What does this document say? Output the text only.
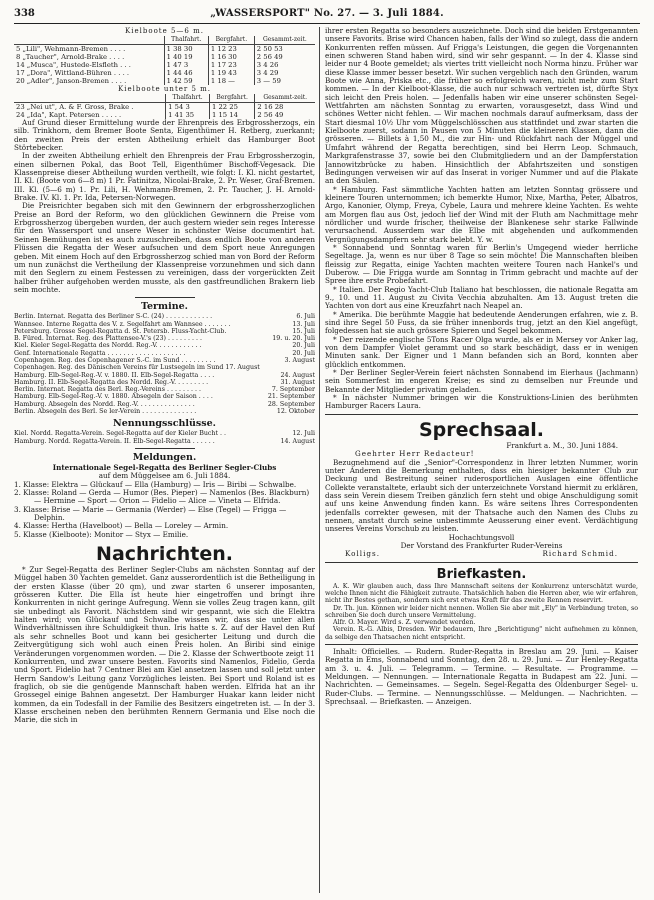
338	„WASSERSPORT" No. 27. — 3. Juli 1884.
Kielboote 5—6 m.
	Thalfahrt.	Bergfahrt.	Gesammt-zeit.
5 „Lili", Wehmann-Bremen . . . .	1 38 30	1 12 23	2 50 53
8 „Taucher", Arnold-Brake . . . .	1 40 19	1 16 30	2 56 49
14 „Musca", Hustede-Elsfleth . . .	1 47 3	1 17 23	3 4 26
17 „Dora", Wittland-Bühren . . . .	1 44 46	1 19 43	3 4 29
20 „Adler", Janson-Bremen . . . .	1 42 59	1 18 —	3 — 59
Kielboote unter 5 m.
	Thalfahrt.	Bergfahrt.	Gesammt-zeit.
23 „Nei ut", A. & F. Gross, Brake .	1 54 3	1 22 25	2 16 28
24 „Ida", Kapt. Petersen . . . . .	1 41 35	1 15 14	2 56 49

Auf Grund dieser Ermittelung wurde der Ehrenpreis des Erbgrossherzogs, ein silb. Trinkhorn, dem Bremer Boote Senta, Eigenthümer H. Retberg, zuerkannt; den zweiten Preis der ersten Abtheilung erhielt das Hamburger Boot Störtebecker.

In der zweiten Abtheilung erhielt den Ehrenpreis der Frau Erbgrossherzogin, einen silbernen Pokal, das Boot Tell, Eigenthümer Bischoff-Vegesack. Die Klassenpreise dieser Abtheilung wurden vertheilt, wie folgt: I. Kl. nicht gestartet, II. Kl. (Boote von 6—8 m) 1 Pr. Fatinitza, Nicolai-Brake, 2. Pr. Weser, Graf-Bremen. III. Kl. (5—6 m) 1. Pr. Lili, H. Wehmann-Bremen, 2. Pr. Taucher, J. H. Arnold-Brake. IV. Kl. 1. Pr. Ida, Petersen-Norwegen.

Die Preisrichter begaben sich mit den Gewinnern der erbgrossherzoglichen Preise an Bord der Reform, wo den glücklichen Gewinnern die Preise vom Erbgrossherzog übergeben wurden, der auch gestern wieder sein reges Interesse für den Wassersport und unsere Weser in schönster Weise documentirt hat. Seinen Bemühungen ist es auch zuzuschreiben, dass endlich Boote von anderen Flüssen die Regatta der Weser aufsuchen und dem Sport neue Anregungen geben. Mit einem Hoch auf den Erbgrossherzog schied man von Bord der Reform um nun zunächst die Vertheilung der Klassenpreise vorzunehmen und sich dann mit den Seglern zu einem Festessen zu vereinigen, dass der vorgerückten Zeit halber früher aufgehoben werden musste, als den gastfreundlichen Brakern lieb sein mochte.

Termine.
Berlin. Internat. Regatta des Berliner S-C. (24) . . . . . . . . . . . .	6. Juli
Wannsee. Interne Regatta des V. z. Segelfahrt am Wannsee . . . . . . .	13. Juli
Petersburg. Grosse Segel-Regatta d. St. Petersb. Fluss-Yacht-Club.	15. Juli
B. Füred. Internat. Reg. des Plattensee-V.'s (23) . . . . . . . . .	19. u. 20. Juli
Kiel. Kieler Segel-Regatta des Nordd. Reg.-V. . . . . . . . . . . .	20. Juli
Genf. Internationale Regatta . . . . . . . . . . . . . . . . . . . .	20. Juli
Copenhagen. Reg. des Copenhagener S.-C. im Sund . . . . . . . . .	3. August
Copenhagen. Reg. des Dänischen Vereins für Lustsegeln im Sund 17. August
Hamburg. Elb-Segel-Reg.-V. v. 1880. II. Elb-Segel-Regatta . . . .	24. August
Hamburg. II. Elb-Segel-Regatta des Nordd. Reg.-V. . . . . . . . .	31. August
Berlin. Internat. Regatta des Berl. Reg.-Vereins . . . . . . . . .	7. September
Hamburg. Elb-Segel-Reg.-V. v. 1880. Absegeln der Saison . . . .	21. September
Hamburg. Absegeln des Nordd. Reg.-V. . . . . . . . . . . . . . .	28. September
Berlin. Absegeln des Berl. Se ler-Verein . . . . . . . . . . . . . .	12. Oktober
Nennungsschlüsse.
Kiel. Nordd. Regatta-Verein. Segel-Regatta auf der Kieler Bucht . .	12. Juli
Hamburg. Nordd. Regatta-Verein. II. Elb-Segel-Regatta . . . . . .	14. August
Meldungen.
Internationale Segel-Regatta des Berliner Segler-Clubs
auf dem Müggelsee am 6. Juli 1884.
1. Klasse: Elektra — Glückauf — Ella (Hamburg) — Iris — Biribi — Schwalbe.
2. Klasse: Roland — Gerda — Humor (Bes. Pieper) — Namenlos (Bes. Blackburn) — Hermine — Sport — Orion — Fidelio — Alice — Vineta — Elfrida.
3. Klasse: Brise — Marie — Germania (Werder) — Else (Tegel) — Frigga — Delphin.
4. Klasse: Hertha (Havelboot) — Bella — Loreley — Armin.
5. Klasse (Kielboote): Monitor — Styx — Emilie.
Nachrichten.

* Zur Segel-Regatta des Berliner Segler-Clubs am nächsten Sonntag auf der Müggel haben 30 Yachten gemeldet. Ganz ausserordentlich ist die Betheiligung in der ersten Klasse (über 20 qm), und zwar starten 6 unserer imposanten, grösseren Kutter. Die Ella ist heute hier eingetroffen und bringt ihre Konkurrenten in nicht geringe Aufregung. Wenn sie volles Zeug tragen kann, gilt sie unbedingt als Favorit. Nächstdem sind wir gespannt, wie sich die Elektra halten wird; von Glückauf und Schwalbe wissen wir, dass sie unter allen Windverhältnissen ihre Schuldigkeit thun. Iris hatte s. Z. auf der Havel den Ruf als sehr schnelles Boot und kann bei gesicherter Leitung und durch die Zeitvergütigung sich wohl auch einen Preis holen. An Biribi sind einige Veränderungen vorgenommen worden. — Die 2. Klasse der Schwertboote zeigt 11 Konkurrenten, und zwar unsere besten. Favorits sind Namenlos, Fidelio, Gerda und Sport. Fidelio hat 7 Centner Blei am Kiel ansetzen lassen und soll jetzt unter Herrn Sandow's Leitung ganz Vorzügliches leisten. Bei Sport und Roland ist es fraglich, ob sie die genügende Mannschaft haben werden. Elfrida hat an ihr Grossegel einige Bahnen angesetzt. Der Hamburger Huakar kann leider nicht kommen, da ein Todesfall in der Familie des Besitzers eingetreten ist. — In der 3. Klasse erscheinen neben den berühmten Rennern Germania und Else noch die Marie, die sich in

ihrer ersten Regatta so besonders auszeichnete. Doch sind die beiden Erstgenannten unsere Favorits. Brise wird Chancen haben, falls der Wind so zulegt, dass die andern Konkurrenten reffen müssen. Auf Frigga's Leistungen, die gegen die Vorgenannten einen schweren Stand haben wird, sind wir sehr gespannt. — In der 4. Klasse sind leider nur 4 Boote gemeldet; als viertes tritt vielleicht noch Norma hinzu. Früher war diese Klasse immer besser besetzt. Wir suchen vergeblich nach den Gründen, warum Boote wie Anna, Priska etc., die früher so erfolgreich waren, nicht mehr zum Start kommen. — In der Kielboot-Klasse, die auch nur schwach vertreten ist, dürfte Styx sich leicht den Preis holen. — Jedenfalls haben wir eine unserer schönsten Segel-Wettfahrten am nächsten Sonntag zu erwarten, vorausgesetzt, dass Wind und schönes Wetter nicht fehlen. — Wir machen nochmals darauf aufmerksam, dass der Start diesmal 10½ Uhr vom Müggelschlösschen aus stattfindet und zwar starten die Kielboote zuerst, sodann in Pausen von 5 Minuten die kleineren Klassen, dann die grösseren. — Billets à 1,50 M., die zur Hin- und Rückfahrt nach der Müggel und Umfahrt während der Regatta berechtigen, sind bei Herrn Leop. Schmauch, Markgrafenstrasse 37, sowie bei den Clubmitgliedern und an der Dampferstation Jannowitzbrücke zu haben. Hinsichtlich der Abfahrtszeiten und sonstigen Bedingungen verweisen wir auf das Inserat in voriger Nummer und auf die Plakate an den Säulen.

* Hamburg. Fast sämmtliche Yachten hatten am letzten Sonntag grössere und kleinere Touren unternommen; ich bemerkte Humor, Nixe, Martha, Peter, Albatros, Argo, Kanonier, Olymp, Freya, Cybele, Laura und mehrere kleine Yachten. Es wehte am Morgen flau aus Ost, jedoch lief der Wind mit der Fluth am Nachmittage mehr nördlicher und wurde frischer, theilweise der Blankenese sehr starke Fallwinde verursachend. Ausserdem war die Elbe mit abgehenden und aufkommenden Vergnügungsdampfern sehr stark belebt. Y. w.

* Sonnabend und Sonntag waren für Berlin's Umgegend wieder herrliche Segeltage. Ja, wenn es nur über 8 Tage so sein möchte! Die Mannschaften bleiben fleissig zur Regatta, einige Yachten machten weitere Touren nach Hankel's und Duberow. — Die Frigga wurde am Sonntag in Trimm gebracht und machte auf der Spree ihre erste Probefahrt.

* Italien. Der Regio Yacht-Club Italiano hat beschlossen, die nationale Regatta am 9., 10. und 11. August zu Civita Vecchia abzuhalten. Am 13. August treten die Yachten von dort aus eine Kreuzfahrt nach Neapel an.

* Amerika. Die berühmte Maggie hat bedeutende Aenderungen erfahren, wie z. B. sind ihre Segel 50 Fuss, da sie früher innenbords trug, jetzt an den Kiel angefügt, folgedessen hat sie auch grössere Spieren und Segel bekommen.

* Der reizende englische 5Tons Racer Olga wurde, als er in Mersey vor Anker lag, von dem Dampfer Violet gerammt und so stark beschädigt, dass er in wenigen Minuten sank. Der Eigner und 1 Mann befanden sich an Bord, konnten aber glücklich entkommen.

* Der Berliner Segler-Verein feiert nächsten Sonnabend im Eierhaus (Jachmann) sein Sommerfest im engeren Kreise; es sind zu demselben nur Freunde und Bekannte der Mitglieder privatim geladen.

* In nächster Nummer bringen wir die Konstruktions-Linien des berühmten Hamburger Racers Laura.

Sprechsaal.
Frankfurt a. M., 30. Juni 1884.
Geehrter Herr Redacteur!

Bezugnehmend auf die „Senior"-Correspondenz in Ihrer letzten Nummer, worin unter Anderen die Bemerkung enthalten, dass ein hiesiger bekannter Club zur Deckung und Bestreitung seiner ruderosportlichen Auslagen eine öffentliche Collekte veranstaltete, erlaubt sich der unterzeichnete Vorstand hiermit zu erklären, dass sein Verein diesem Treiben gänzlich fern steht und obige Anschuldigung somit auf uns keine Anwendung finden kann. Es wäre seitens Ihres Correspondenten jedenfalls correkter gewesen, mit der Thatsache auch den Namen des Clubs zu nennen, anstatt durch seine unbestimmte Aeusserung einer event. Verdächtigung unseres Vereins Vorschub zu leisten.

Hochachtungsvoll
Der Vorstand des Frankfurter Ruder-Vereins
Kolligs.	Richard Schmid.
Briefkasten.

A. K. Wir glauben auch, dass Ihre Mannschaft seitens der Konkurrenz unterschätzt wurde, welche Ihnen nicht die Fähigkeit zutraute. Thatsächlich haben die Herren aber, wie wir erfahren, nicht ihr Bestes gethan, sondern sich erst etwas Kraft für das zweite Rennen reservirt.

Dr. Th. jun. Können wir leider nicht nennen. Wollen Sie aber mit „Ely" in Verbindung treten, so schreiben Sie doch durch unsere Vermittelung.

Alfr. O. Mayer. Wird s. Z. verwendet werden.

Verein. R.-G. Albis, Dresden. Wir bedauern, Ihre „Berichtigung" nicht aufnehmen zu können, da selbige den Thatsachen nicht entspricht.

Inhalt: Officielles. — Rudern. Ruder-Regatta in Breslau am 29. Juni. — Kaiser Regatta in Ems, Sonnabend und Sonntag, den 28. u. 29. Juni. — Zur Henley-Regatta am 3. u. 4. Juli. — Telegramm. — Termine. — Resultate. — Programme. — Meldungen. — Nennungen. — Internationale Regatta in Budapest am 22. Juni. — Nachrichten. — Gemeinsames. — Segeln. Segel-Regatta des Oldenburger Segel- u. Ruder-Clubs. — Termine. — Nennungsschlüsse. — Meldungen. — Nachrichten. — Sprechsaal. — Briefkasten. — Anzeigen.
